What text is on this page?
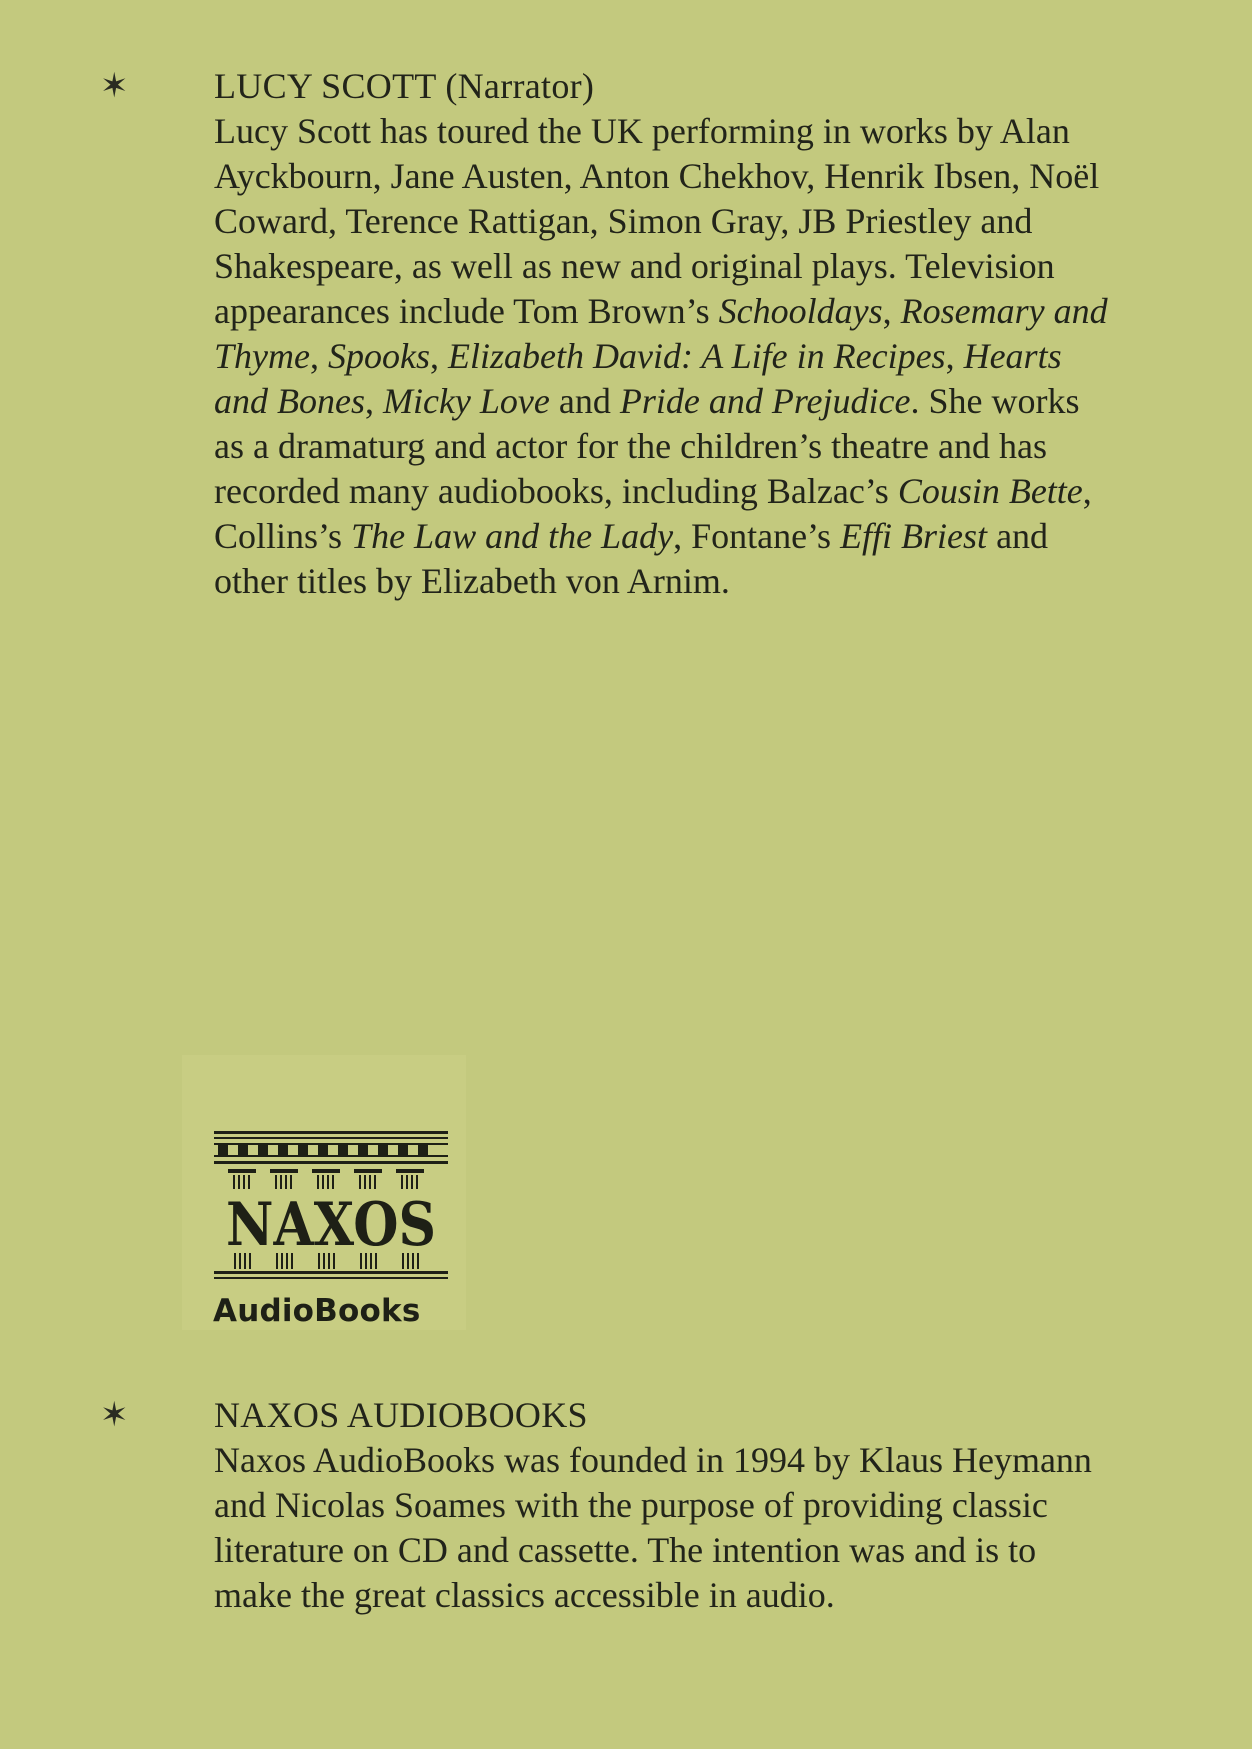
✶ LUCY SCOTT (Narrator)

Lucy Scott has toured the UK performing in works by Alan Ayckbourn, Jane Austen, Anton Chekhov, Henrik Ibsen, Noël Coward, Terence Rattigan, Simon Gray, JB Priestley and Shakespeare, as well as new and original plays. Television appearances include Tom Brown’s Schooldays, Rosemary and Thyme, Spooks, Elizabeth David: A Life in Recipes, Hearts and Bones, Micky Love and Pride and Prejudice. She works as a dramaturg and actor for the children’s theatre and has recorded many audiobooks, including Balzac’s Cousin Bette, Collins’s The Law and the Lady, Fontane’s Effi Briest and other titles by Elizabeth von Arnim.

NAXOS
AudioBooks
✶ NAXOS AUDIOBOOKS

Naxos AudioBooks was founded in 1994 by Klaus Heymann and Nicolas Soames with the purpose of providing classic literature on CD and cassette. The intention was and is to make the great classics accessible in audio.
